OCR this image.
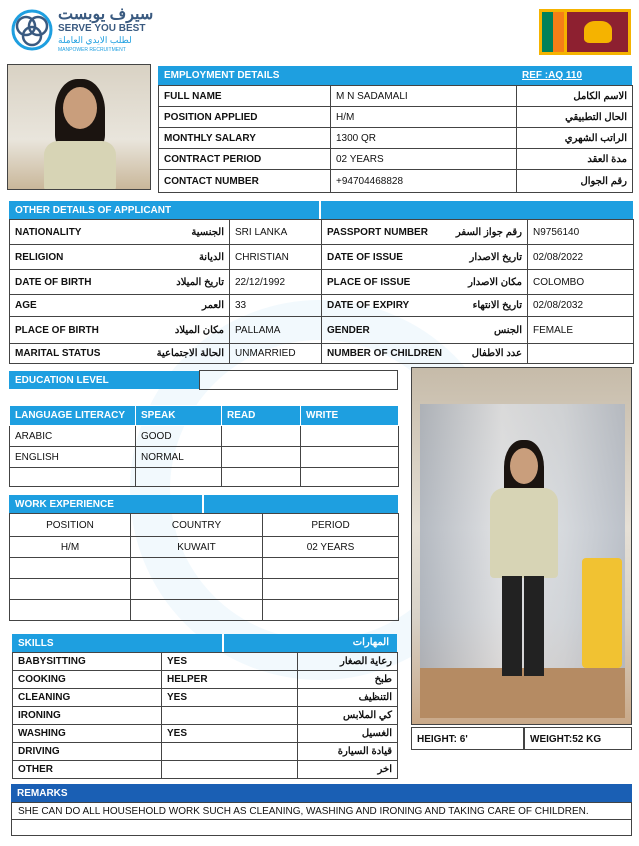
سيرف يوبست
SERVE YOU BEST
لطلب الايدي العاملة
MANPOWER RECRUITMENT
EMPLOYMENT DETAILS	REF :AQ 110
FULL NAME	M N SADAMALI	الاسم الكامل
POSITION APPLIED	H/M	الحال التطبيقي
MONTHLY SALARY	1300 QR	الراتب الشهري
CONTRACT PERIOD	02 YEARS	مدة العقد
CONTACT NUMBER	+94704468828	رقم الجوال
OTHER DETAILS OF APPLICANT
NATIONALITY الجنسية	SRI LANKA	PASSPORT NUMBER رقم جواز السفر	N9756140
RELIGION الديانة	CHRISTIAN	DATE OF ISSUE تاريخ الاصدار	02/08/2022
DATE OF BIRTH تاريخ الميلاد	22/12/1992	PLACE OF ISSUE مكان الاصدار	COLOMBO
AGE العمر	33	DATE OF EXPIRY تاريخ الانتهاء	02/08/2032
PLACE OF BIRTH مكان الميلاد	PALLAMA	GENDER الجنس	FEMALE
MARITAL STATUS الحالة الاجتماعية	UNMARRIED	NUMBER OF CHILDREN عدد الاطفال	

EDUCATION LEVEL
LANGUAGE LITERACY	SPEAK	READ	WRITE
ARABIC	GOOD		
ENGLISH	NORMAL		

WORK EXPERIENCE
POSITION	COUNTRY	PERIOD
H/M	KUWAIT	02 YEARS

SKILLS	المهارات
BABYSITTING	YES	رعاية الصغار
COOKING	HELPER	طبخ
CLEANING	YES	التنظيف
IRONING		كي الملابس
WASHING	YES	الغسيل
DRIVING		قيادة السيارة
OTHER		اخر
HEIGHT: 6'	WEIGHT:52 KG
REMARKS
SHE CAN DO ALL HOUSEHOLD WORK SUCH AS CLEANING, WASHING AND IRONING AND TAKING CARE OF CHILDREN.
